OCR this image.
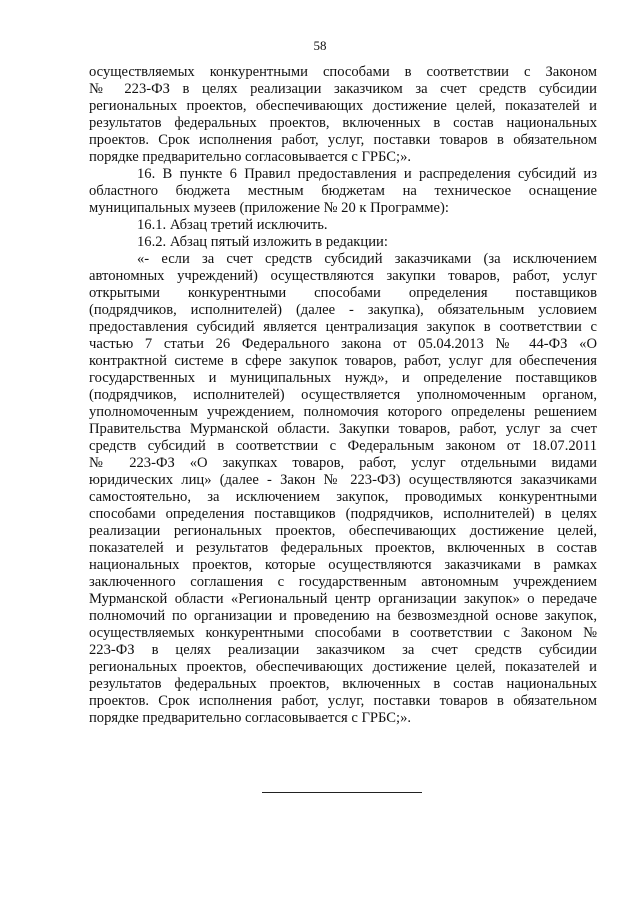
58
осуществляемых конкурентными способами в соответствии с Законом
№ 223-ФЗ в целях реализации заказчиком за счет средств субсидии
региональных проектов, обеспечивающих достижение целей, показателей и
результатов федеральных проектов, включенных в состав национальных
проектов. Срок исполнения работ, услуг, поставки товаров в обязательном
порядке предварительно согласовывается с ГРБС;».
16. В пункте 6 Правил предоставления и распределения субсидий из
областного бюджета местным бюджетам на техническое оснащение
муниципальных музеев (приложение № 20 к Программе):
16.1. Абзац третий исключить.
16.2. Абзац пятый изложить в редакции:
«- если за счет средств субсидий заказчиками (за исключением
автономных учреждений) осуществляются закупки товаров, работ, услуг
открытыми конкурентными способами определения поставщиков
(подрядчиков, исполнителей) (далее - закупка), обязательным условием
предоставления субсидий является централизация закупок в соответствии с
частью 7 статьи 26 Федерального закона от 05.04.2013 № 44-ФЗ «О
контрактной системе в сфере закупок товаров, работ, услуг для обеспечения
государственных и муниципальных нужд», и определение поставщиков
(подрядчиков, исполнителей) осуществляется уполномоченным органом,
уполномоченным учреждением, полномочия которого определены решением
Правительства Мурманской области. Закупки товаров, работ, услуг за счет
средств субсидий в соответствии с Федеральным законом от 18.07.2011
№ 223-ФЗ «О закупках товаров, работ, услуг отдельными видами
юридических лиц» (далее - Закон № 223-ФЗ) осуществляются заказчиками
самостоятельно, за исключением закупок, проводимых конкурентными
способами определения поставщиков (подрядчиков, исполнителей) в целях
реализации региональных проектов, обеспечивающих достижение целей,
показателей и результатов федеральных проектов, включенных в состав
национальных проектов, которые осуществляются заказчиками в рамках
заключенного соглашения с государственным автономным учреждением
Мурманской области «Региональный центр организации закупок» о передаче
полномочий по организации и проведению на безвозмездной основе закупок,
осуществляемых конкурентными способами в соответствии с Законом №
223-ФЗ в целях реализации заказчиком за счет средств субсидии
региональных проектов, обеспечивающих достижение целей, показателей и
результатов федеральных проектов, включенных в состав национальных
проектов. Срок исполнения работ, услуг, поставки товаров в обязательном
порядке предварительно согласовывается с ГРБС;».
